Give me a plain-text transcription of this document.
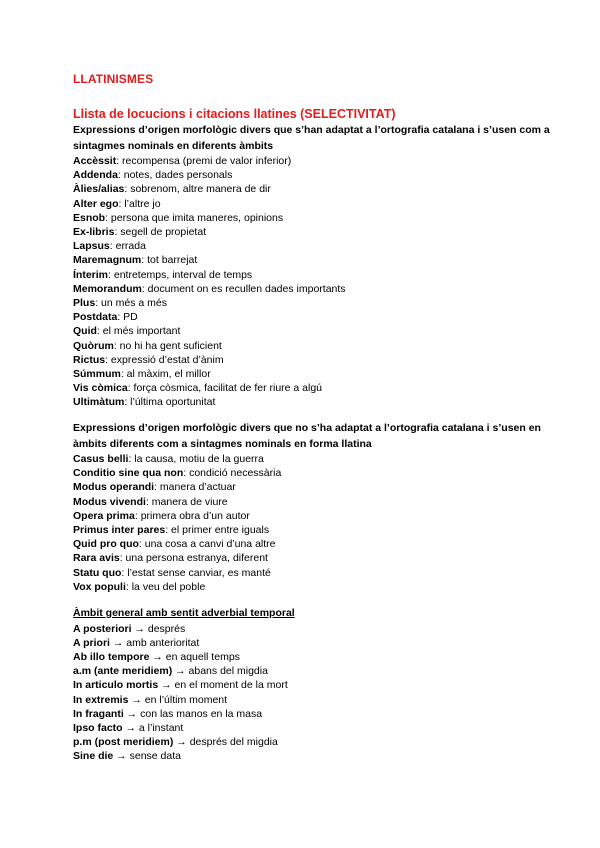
LLATINISMES
Llista de locucions i citacions llatines (SELECTIVITAT)

Expressions d’origen morfològic divers que s’han adaptat a l’ortografia catalana i s’usen com a sintagmes nominals en diferents àmbits

Accèssit: recompensa (premi de valor inferior)
Addenda: notes, dades personals
Àlies/alias: sobrenom, altre manera de dir
Alter ego: l’altre jo
Esnob: persona que imita maneres, opinions
Ex-libris: segell de propietat
Lapsus: errada
Maremagnum: tot barrejat
Ínterim: entretemps, interval de temps
Memorandum: document on es recullen dades importants
Plus: un més a més
Postdata: PD
Quid: el més important
Quòrum: no hi ha gent suficient
Rictus: expressió d’estat d’ànim
Súmmum: al màxim, el millor
Vis còmica: força còsmica, facilitat de fer riure a algú
Ultimàtum: l’última oportunitat

Expressions d’origen morfològic divers que no s’ha adaptat a l’ortografia catalana i s’usen en àmbits diferents com a sintagmes nominals en forma llatina

Casus belli: la causa, motiu de la guerra
Conditio sine qua non: condició necessària
Modus operandi: manera d’actuar
Modus vivendi: manera de viure
Opera prima: primera obra d’un autor
Primus inter pares: el primer entre iguals
Quid pro quo: una cosa a canvi d’una altre
Rara avis: una persona estranya, diferent
Statu quo: l’estat sense canviar, es manté
Vox populi: la veu del poble

Àmbit general amb sentit adverbial temporal

A posteriori → després
A priori → amb anterioritat
Ab illo tempore → en aquell temps
a.m (ante meridiem) → abans del migdia
In articulo mortis → en el moment de la mort
In extremis → en l’últim moment
In fraganti → con las manos en la masa
Ipso facto → a l’instant
p.m (post meridiem) → després del migdia
Sine die → sense data
